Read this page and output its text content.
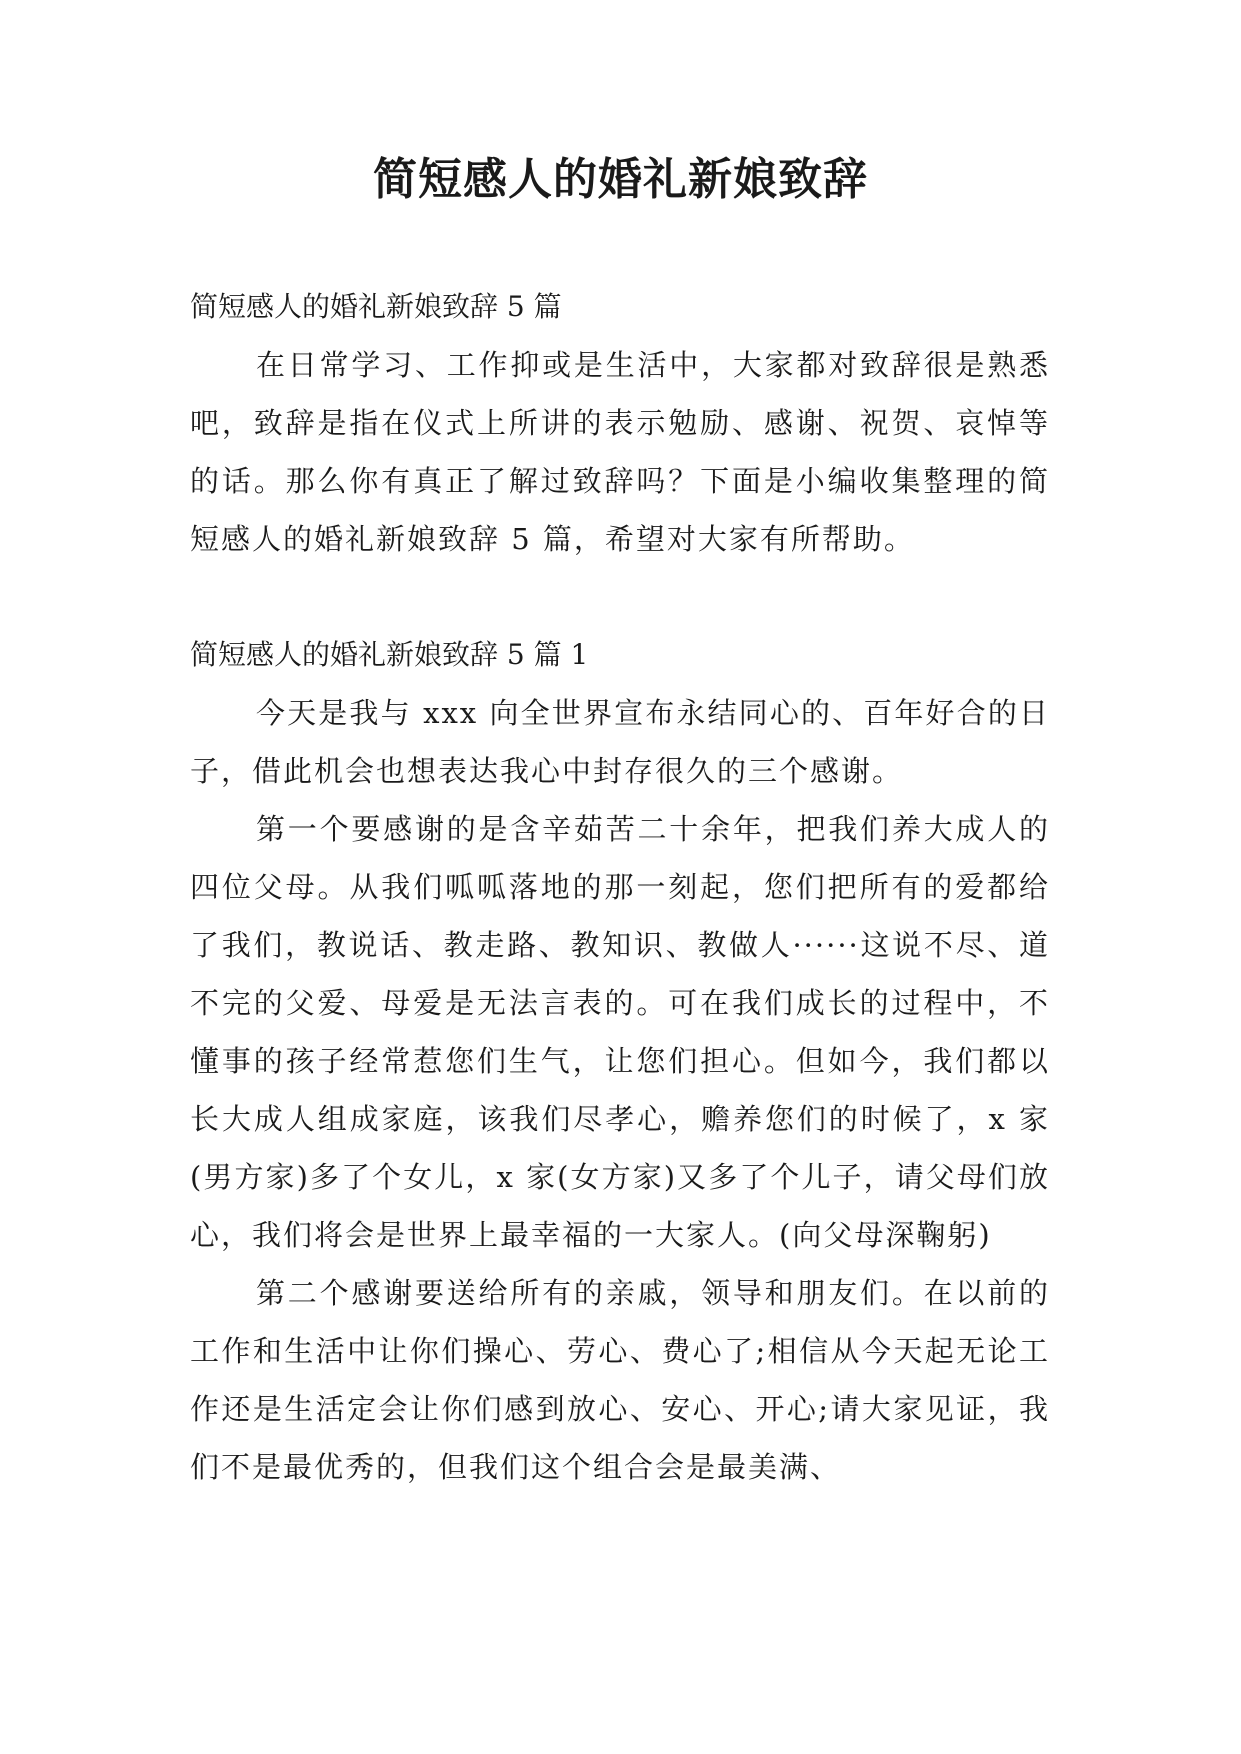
简短感人的婚礼新娘致辞

简短感人的婚礼新娘致辞 5 篇

在日常学习、工作抑或是生活中，大家都对致辞很是熟悉吧，致辞是指在仪式上所讲的表示勉励、感谢、祝贺、哀悼等的话。那么你有真正了解过致辞吗？下面是小编收集整理的简短感人的婚礼新娘致辞 5 篇，希望对大家有所帮助。

简短感人的婚礼新娘致辞 5 篇 1

今天是我与 xxx 向全世界宣布永结同心的、百年好合的日子，借此机会也想表达我心中封存很久的三个感谢。

第一个要感谢的是含辛茹苦二十余年，把我们养大成人的四位父母。从我们呱呱落地的那一刻起，您们把所有的爱都给了我们，教说话、教走路、教知识、教做人······这说不尽、道不完的父爱、母爱是无法言表的。可在我们成长的过程中，不懂事的孩子经常惹您们生气，让您们担心。但如今，我们都以长大成人组成家庭，该我们尽孝心，赡养您们的时候了，x 家(男方家)多了个女儿，x 家(女方家)又多了个儿子，请父母们放心，我们将会是世界上最幸福的一大家人。(向父母深鞠躬)

第二个感谢要送给所有的亲戚，领导和朋友们。在以前的工作和生活中让你们操心、劳心、费心了;相信从今天起无论工作还是生活定会让你们感到放心、安心、开心;请大家见证，我们不是最优秀的，但我们这个组合会是最美满、
